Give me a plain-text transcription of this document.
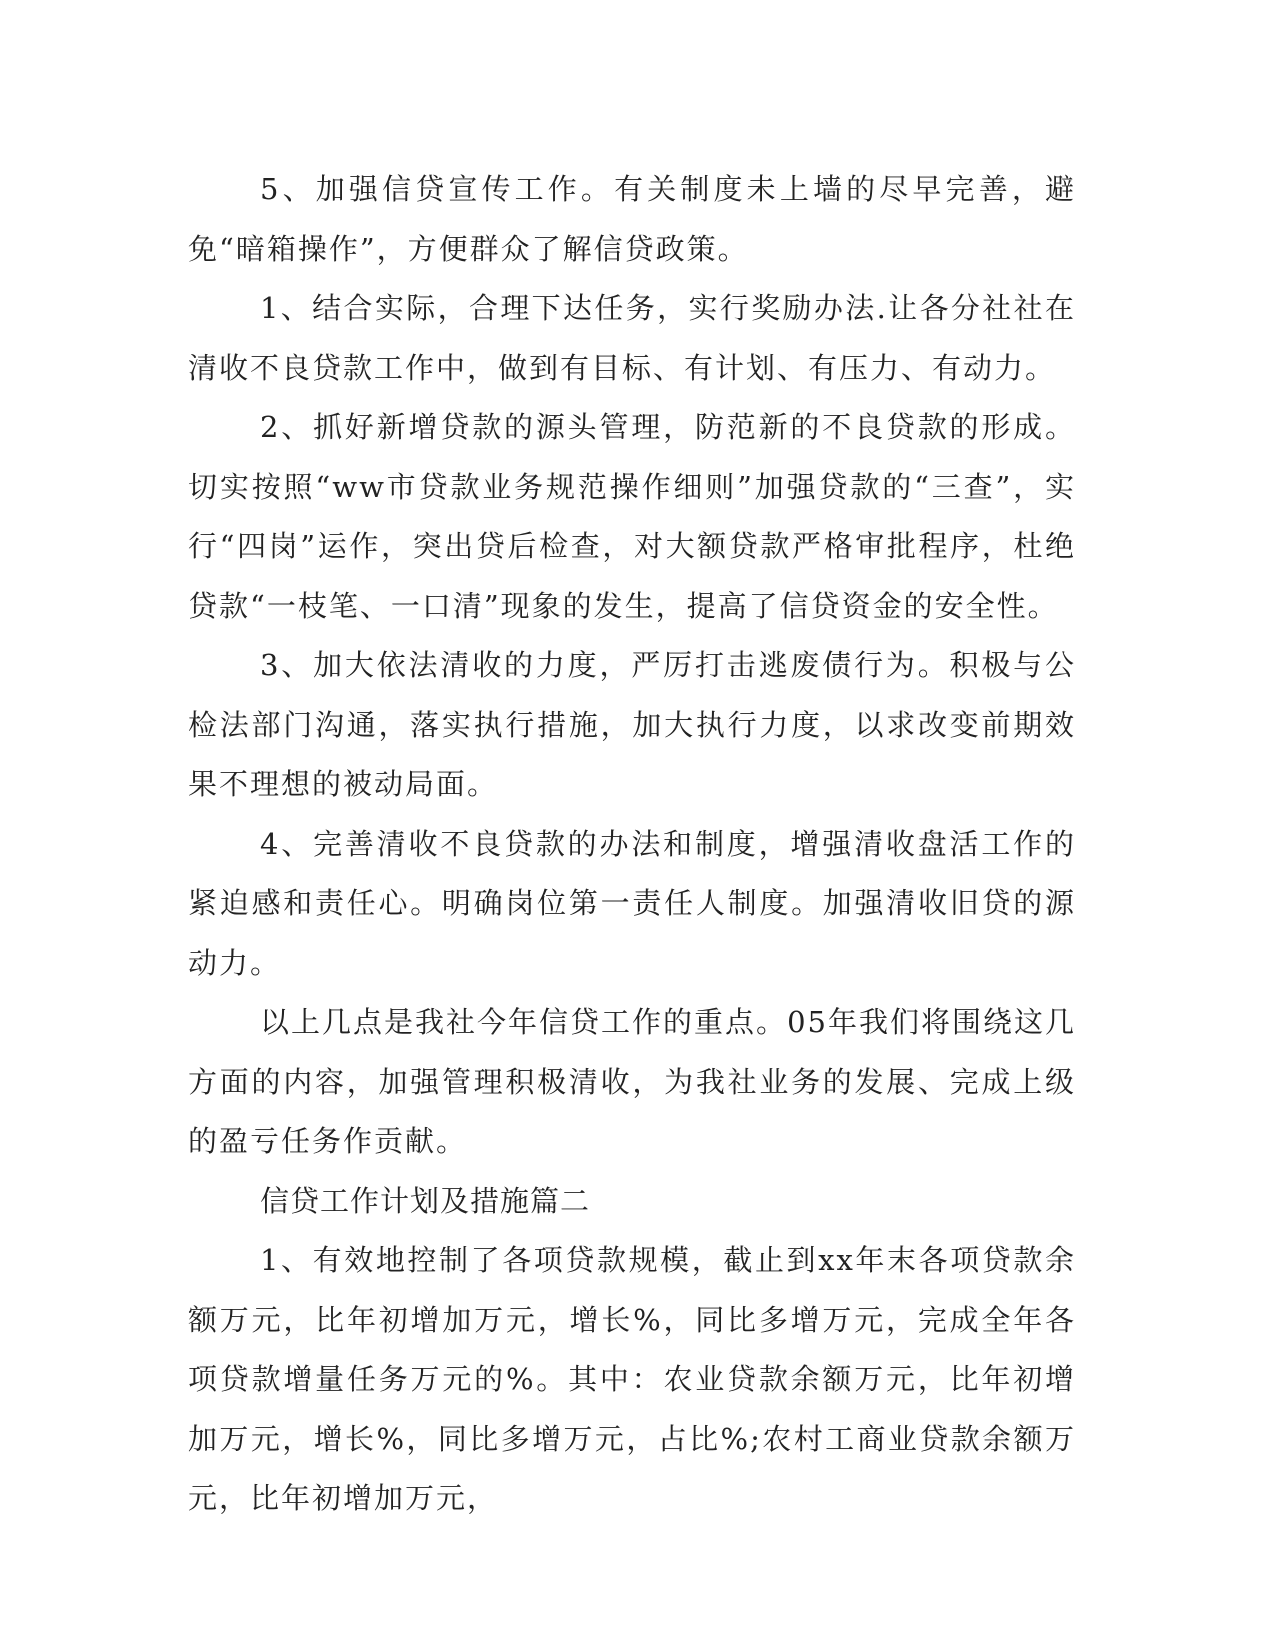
5、加强信贷宣传工作。有关制度未上墙的尽早完善，避免“暗箱操作”，方便群众了解信贷政策。

1、结合实际，合理下达任务，实行奖励办法.让各分社社在清收不良贷款工作中，做到有目标、有计划、有压力、有动力。

2、抓好新增贷款的源头管理，防范新的不良贷款的形成。切实按照“ww市贷款业务规范操作细则”加强贷款的“三查”，实行“四岗”运作，突出贷后检查，对大额贷款严格审批程序，杜绝贷款“一枝笔、一口清”现象的发生，提高了信贷资金的安全性。

3、加大依法清收的力度，严厉打击逃废债行为。积极与公检法部门沟通，落实执行措施，加大执行力度，以求改变前期效果不理想的被动局面。

4、完善清收不良贷款的办法和制度，增强清收盘活工作的紧迫感和责任心。明确岗位第一责任人制度。加强清收旧贷的源动力。

以上几点是我社今年信贷工作的重点。05年我们将围绕这几方面的内容，加强管理积极清收，为我社业务的发展、完成上级的盈亏任务作贡献。

信贷工作计划及措施篇二

1、有效地控制了各项贷款规模，截止到xx年末各项贷款余额万元，比年初增加万元，增长%，同比多增万元，完成全年各项贷款增量任务万元的%。其中：农业贷款余额万元，比年初增加万元，增长%，同比多增万元，占比%;农村工商业贷款余额万元，比年初增加万元，
